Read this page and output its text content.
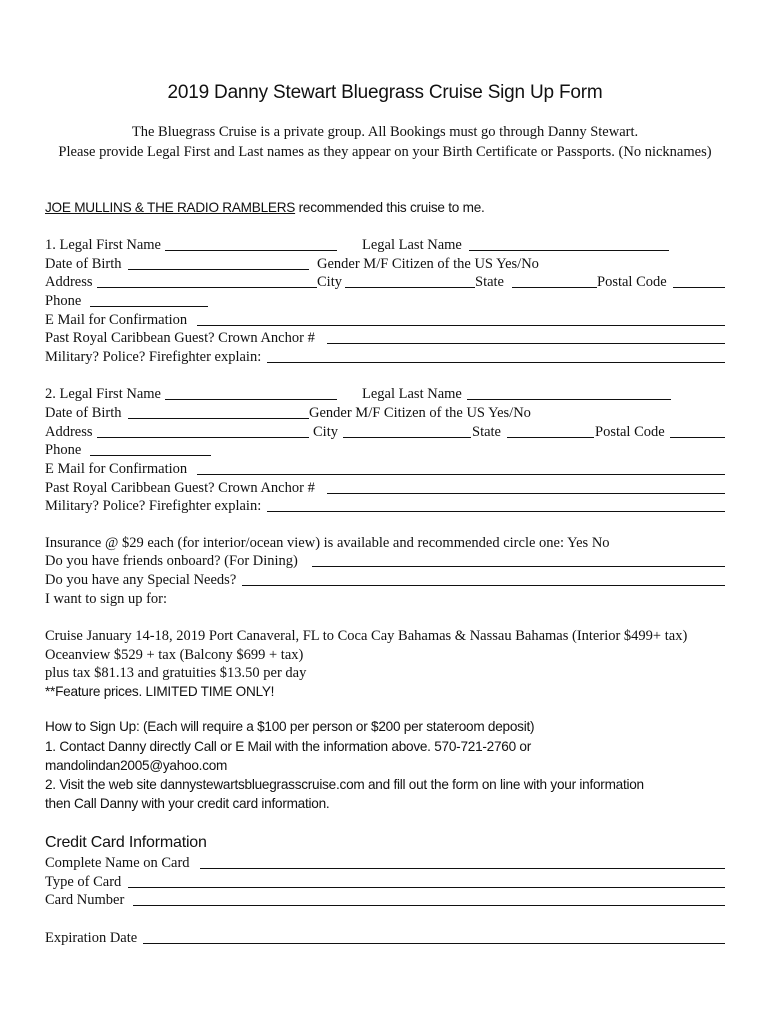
2019 Danny Stewart Bluegrass Cruise Sign Up Form
The Bluegrass Cruise is a private group. All Bookings must go through Danny Stewart.
Please provide Legal First and Last names as they appear on your Birth Certificate or Passports. (No nicknames)
JOE MULLINS & THE RADIO RAMBLERS recommended this cruise to me.
1. Legal First Name	Legal Last Name
Date of Birth	Gender M/F Citizen of the US Yes/No
Address	City	State	Postal Code
Phone
E Mail for Confirmation
Past Royal Caribbean Guest? Crown Anchor #
Military? Police? Firefighter explain:
2. Legal First Name	Legal Last Name
Date of Birth	Gender M/F Citizen of the US Yes/No
Address	City	State	Postal Code
Phone
E Mail for Confirmation
Past Royal Caribbean Guest? Crown Anchor #
Military? Police? Firefighter explain:
Insurance @ $29 each (for interior/ocean view) is available and recommended circle one: Yes No
Do you have friends onboard? (For Dining)
Do you have any Special Needs?
I want to sign up for:
Cruise January 14-18, 2019 Port Canaveral, FL to Coca Cay Bahamas & Nassau Bahamas (Interior $499+ tax)
Oceanview $529 + tax (Balcony $699 + tax)
plus tax $81.13 and gratuities $13.50 per day
**Feature prices. LIMITED TIME ONLY!
How to Sign Up: (Each will require a $100 per person or $200 per stateroom deposit)
1. Contact Danny directly Call or E Mail with the information above. 570-721-2760 or
mandolindan2005@yahoo.com
2. Visit the web site dannystewartsbluegrasscruise.com and fill out the form on line with your information
then Call Danny with your credit card information.
Credit Card Information
Complete Name on Card
Type of Card
Card Number
Expiration Date
